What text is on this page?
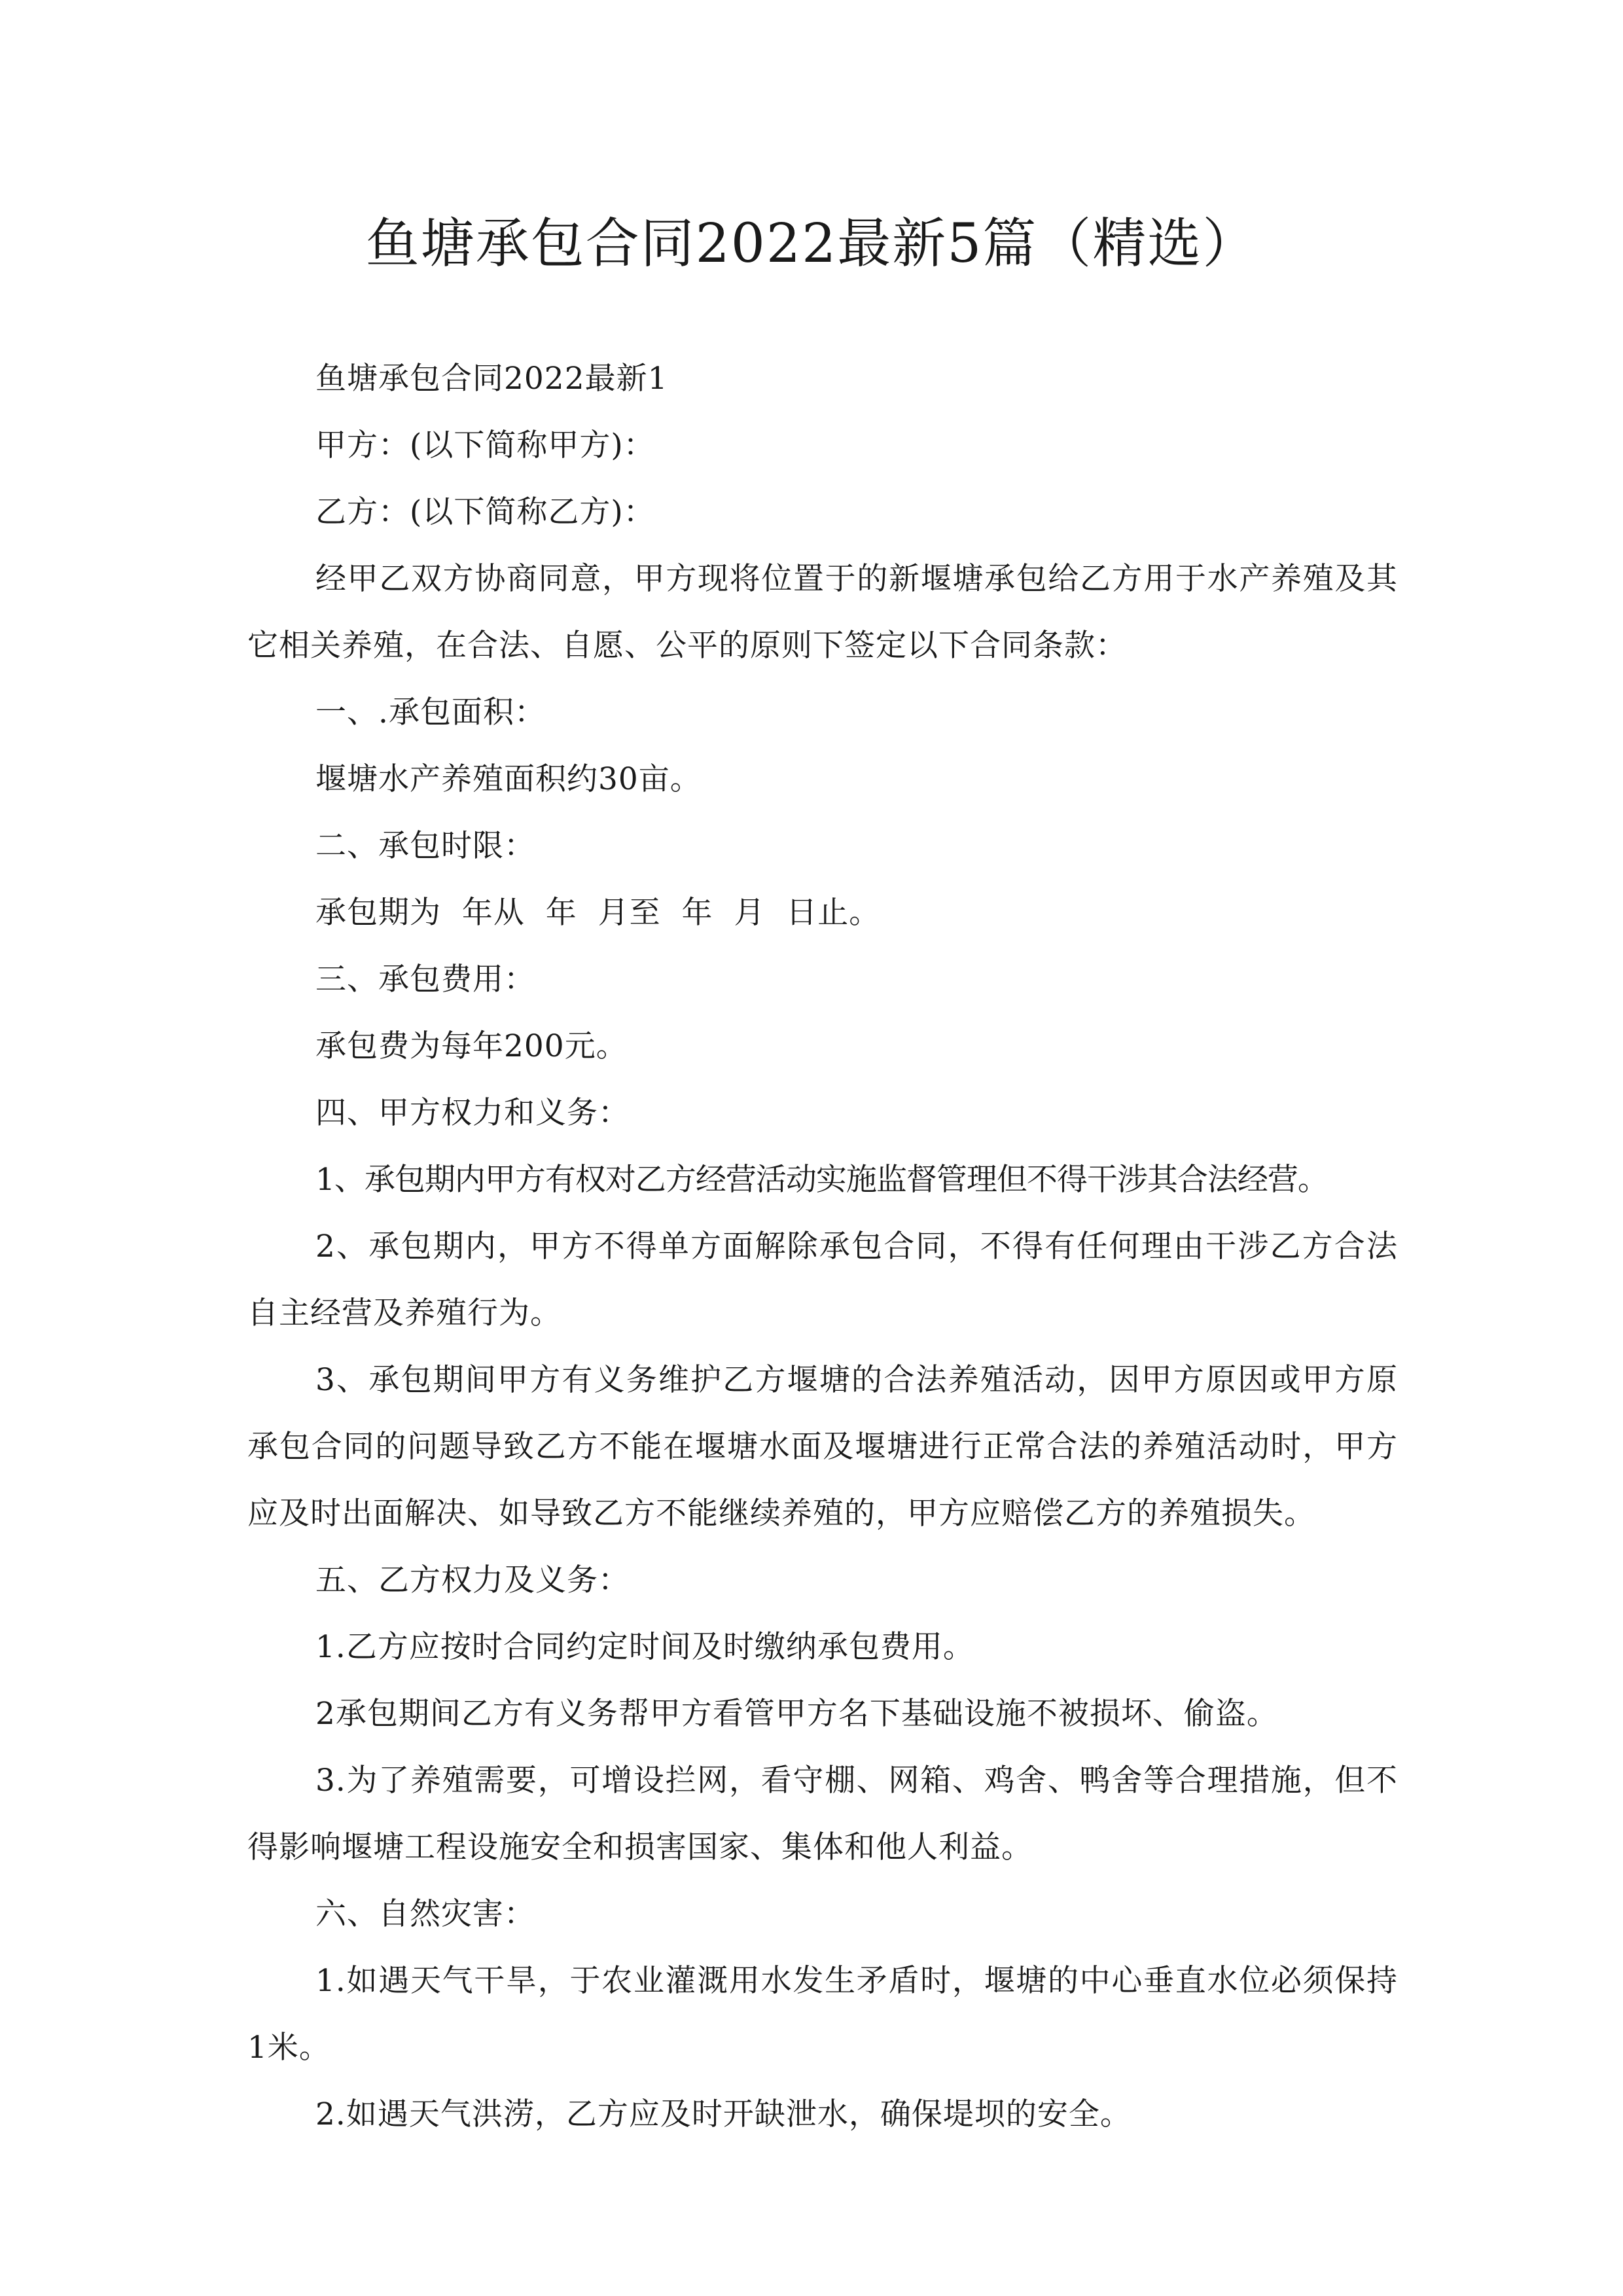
鱼塘承包合同2022最新5篇（精选）

鱼塘承包合同2022最新1

甲方：(以下简称甲方)：

乙方：(以下简称乙方)：

经甲乙双方协商同意，甲方现将位置于的新堰塘承包给乙方用于水产养殖及其它相关养殖，在合法、自愿、公平的原则下签定以下合同条款：

一、.承包面积：

堰塘水产养殖面积约30亩。

二、承包时限：

承包期为  年从  年  月至  年  月  日止。

三、承包费用：

承包费为每年200元。

四、甲方权力和义务：

1、承包期内甲方有权对乙方经营活动实施监督管理但不得干涉其合法经营。

2、承包期内，甲方不得单方面解除承包合同，不得有任何理由干涉乙方合法自主经营及养殖行为。

3、承包期间甲方有义务维护乙方堰塘的合法养殖活动，因甲方原因或甲方原承包合同的问题导致乙方不能在堰塘水面及堰塘进行正常合法的养殖活动时，甲方应及时出面解决、如导致乙方不能继续养殖的，甲方应赔偿乙方的养殖损失。

五、乙方权力及义务：

1.乙方应按时合同约定时间及时缴纳承包费用。

2承包期间乙方有义务帮甲方看管甲方名下基础设施不被损坏、偷盗。

3.为了养殖需要，可增设拦网，看守棚、网箱、鸡舍、鸭舍等合理措施，但不得影响堰塘工程设施安全和损害国家、集体和他人利益。

六、自然灾害：

1.如遇天气干旱，于农业灌溉用水发生矛盾时，堰塘的中心垂直水位必须保持1米。

2.如遇天气洪涝，乙方应及时开缺泄水，确保堤坝的安全。
